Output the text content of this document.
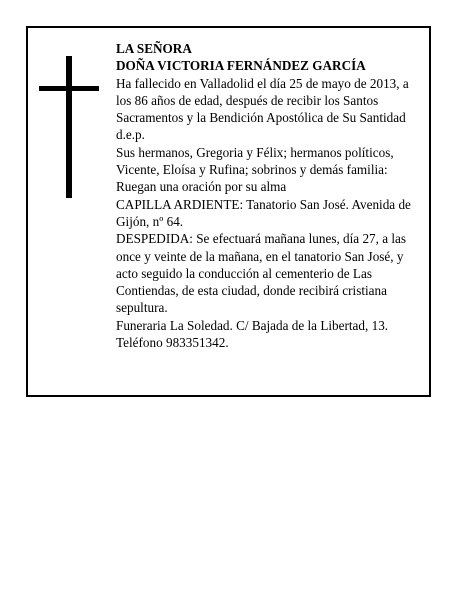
LA SEÑORA

DOÑA VICTORIA FERNÁNDEZ GARCÍA

Ha fallecido en Valladolid el día 25 de mayo de 2013, a los 86 años de edad, después de recibir los Santos Sacramentos y la Bendición Apostólica de Su Santidad d.e.p.

Sus hermanos, Gregoria y Félix; hermanos políticos, Vicente, Eloísa y Rufina; sobrinos y demás familia:

Ruegan una oración por su alma

CAPILLA ARDIENTE: Tanatorio San José. Avenida de Gijón, nº 64.

DESPEDIDA: Se efectuará mañana lunes, día 27, a las once y veinte de la mañana, en el tanatorio San José, y acto seguido la conducción al cementerio de Las Contiendas, de esta ciudad, donde recibirá cristiana sepultura.

Funeraria La Soledad. C/ Bajada de la Libertad, 13. Teléfono 983351342.
